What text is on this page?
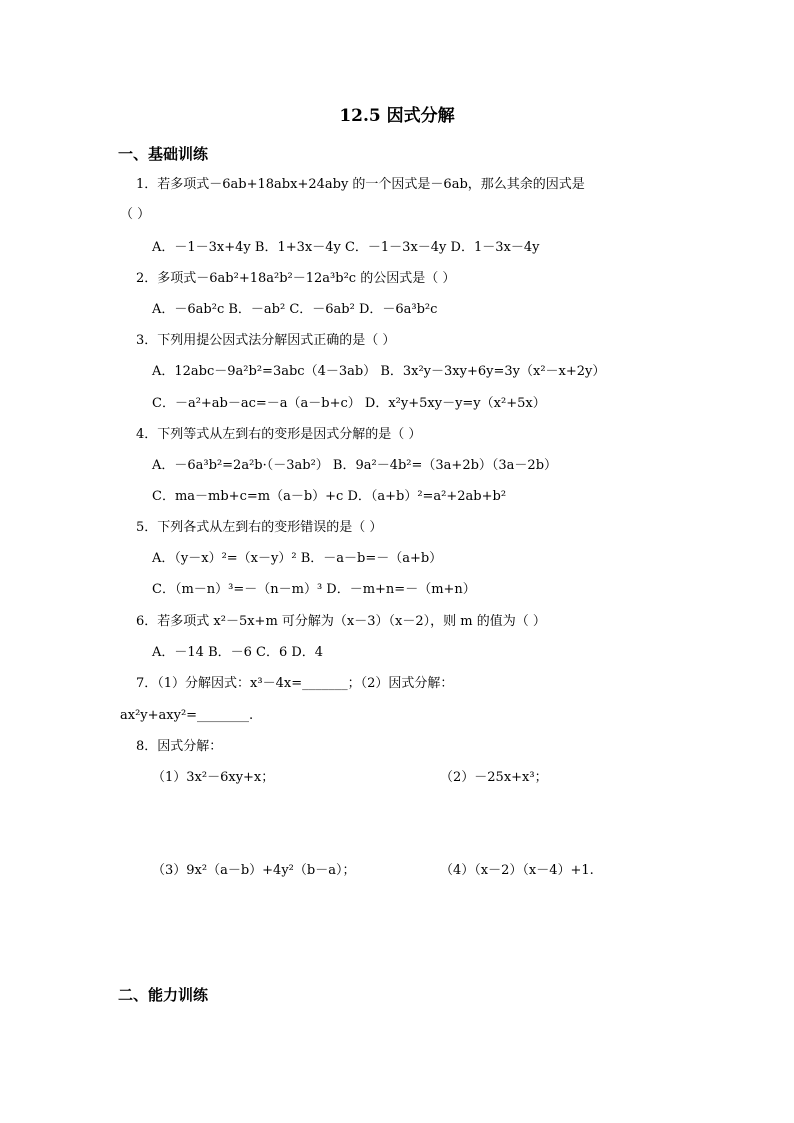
12.5 因式分解
一、基础训练
1．若多项式－6ab+18abx+24aby 的一个因式是－6ab，那么其余的因式是
（ ）
A．－1－3x+4y B．1+3x－4y C．－1－3x－4y D．1－3x－4y
2．多项式－6ab²+18a²b²－12a³b²c 的公因式是（ ）
A．－6ab²c B．－ab² C．－6ab² D．－6a³b²c
3．下列用提公因式法分解因式正确的是（ ）
A．12abc－9a²b²=3abc（4－3ab） B．3x²y－3xy+6y=3y（x²－x+2y）
C．－a²+ab－ac=－a（a－b+c） D．x²y+5xy－y=y（x²+5x）
4．下列等式从左到右的变形是因式分解的是（ ）
A．－6a³b²=2a²b·（－3ab²） B．9a²－4b²=（3a+2b）（3a－2b）
C．ma－mb+c=m（a－b）+c D．（a+b）²=a²+2ab+b²
5．下列各式从左到右的变形错误的是（ ）
A．（y－x）²=（x－y）² B．－a－b=－（a+b）
C．（m－n）³=－（n－m）³ D．－m+n=－（m+n）
6．若多项式 x²－5x+m 可分解为（x－3）（x－2），则 m 的值为（ ）
A．－14 B．－6 C．6 D．4
7．（1）分解因式：x³－4x=_______；（2）因式分解：
ax²y+axy²=________.
8．因式分解：
（1）3x²－6xy+x；	（2）－25x+x³；
（3）9x²（a－b）+4y²（b－a）；	（4）（x－2）（x－4）+1.
二、能力训练
